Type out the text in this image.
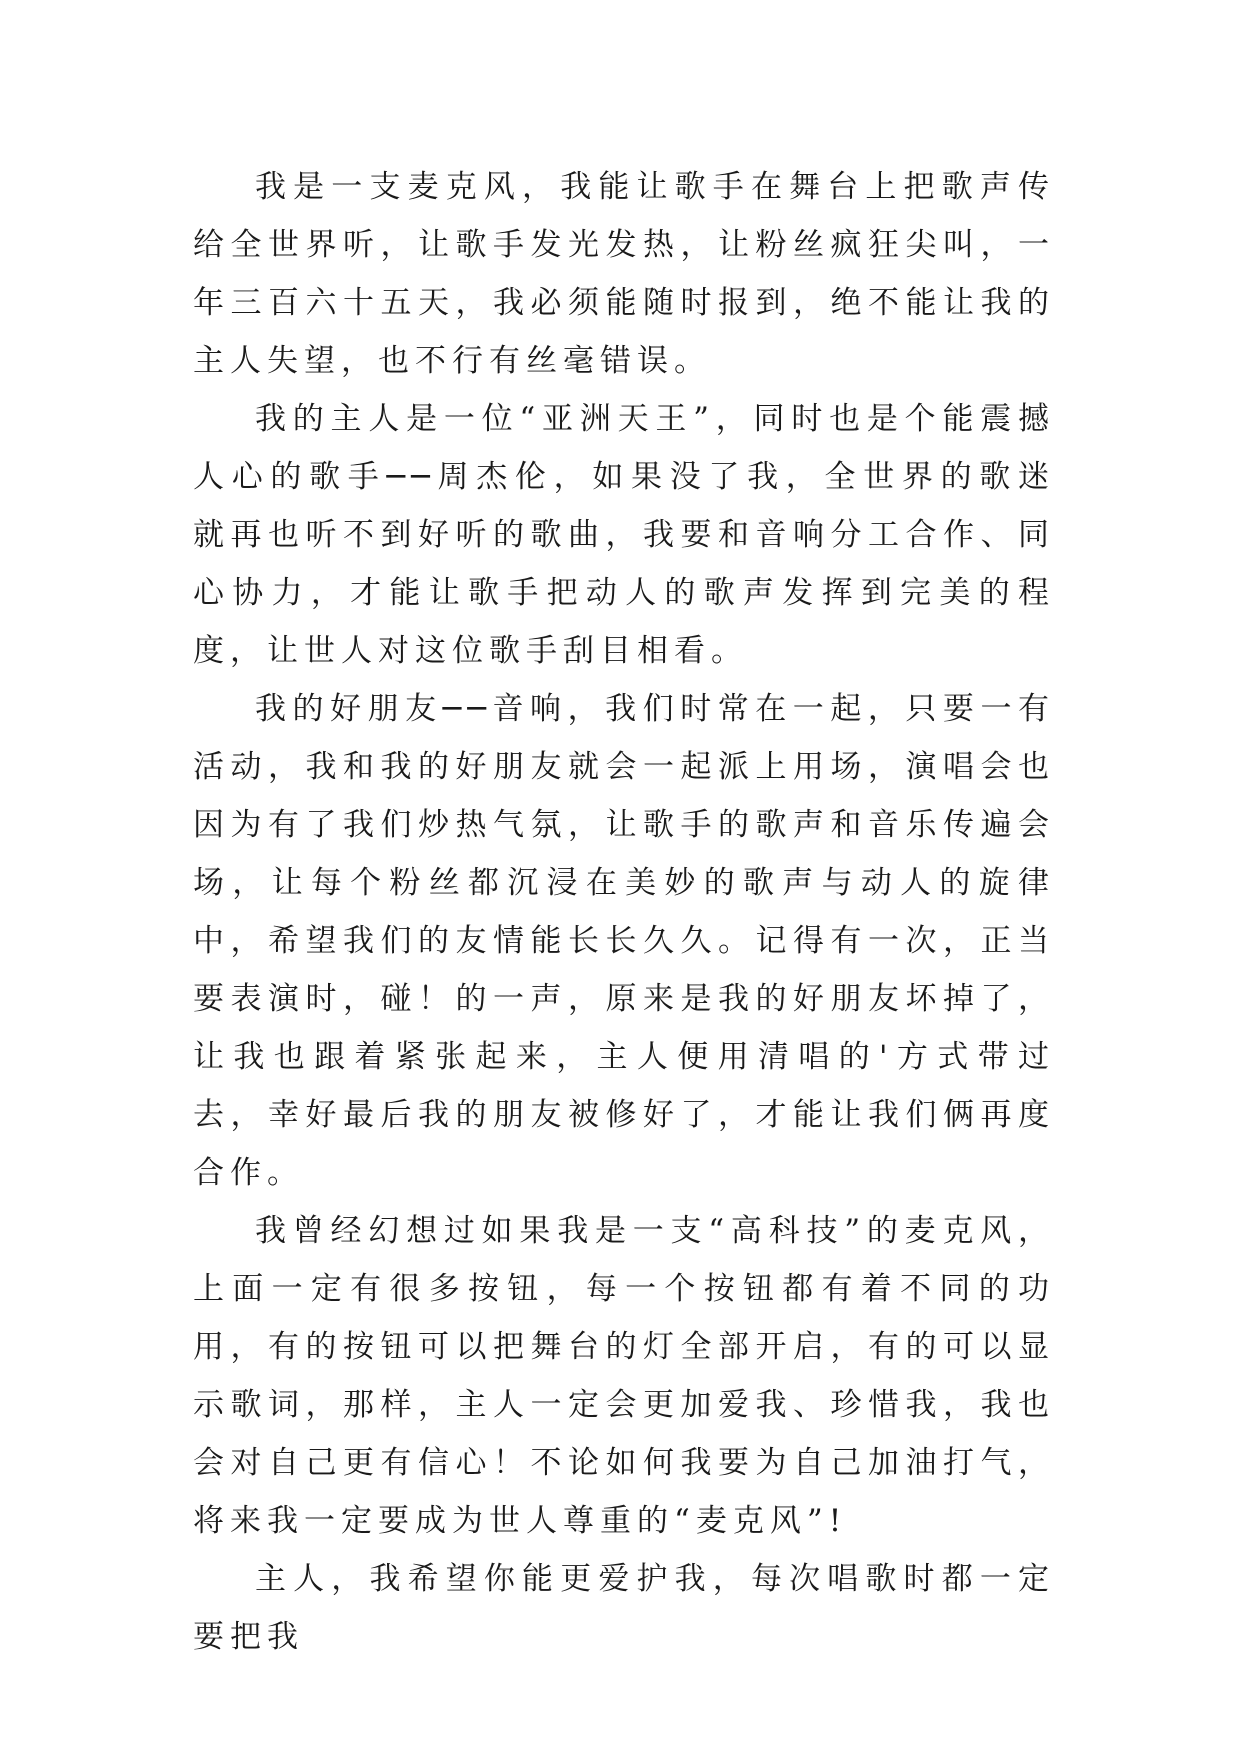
我是一支麦克风，我能让歌手在舞台上把歌声传给全世界听，让歌手发光发热，让粉丝疯狂尖叫，一年三百六十五天，我必须能随时报到，绝不能让我的主人失望，也不行有丝毫错误。

我的主人是一位“亚洲天王”，同时也是个能震撼人心的歌手──周杰伦，如果没了我，全世界的歌迷就再也听不到好听的歌曲，我要和音响分工合作、同心协力，才能让歌手把动人的歌声发挥到完美的程度，让世人对这位歌手刮目相看。

我的好朋友──音响，我们时常在一起，只要一有活动，我和我的好朋友就会一起派上用场，演唱会也因为有了我们炒热气氛，让歌手的歌声和音乐传遍会场，让每个粉丝都沉浸在美妙的歌声与动人的旋律中，希望我们的友情能长长久久。记得有一次，正当要表演时，碰！的一声，原来是我的好朋友坏掉了，让我也跟着紧张起来，主人便用清唱的'方式带过去，幸好最后我的朋友被修好了，才能让我们俩再度合作。

我曾经幻想过如果我是一支“高科技”的麦克风，上面一定有很多按钮，每一个按钮都有着不同的功用，有的按钮可以把舞台的灯全部开启，有的可以显示歌词，那样，主人一定会更加爱我、珍惜我，我也会对自己更有信心！不论如何我要为自己加油打气，将来我一定要成为世人尊重的“麦克风”!

主人，我希望你能更爱护我，每次唱歌时都一定要把我
